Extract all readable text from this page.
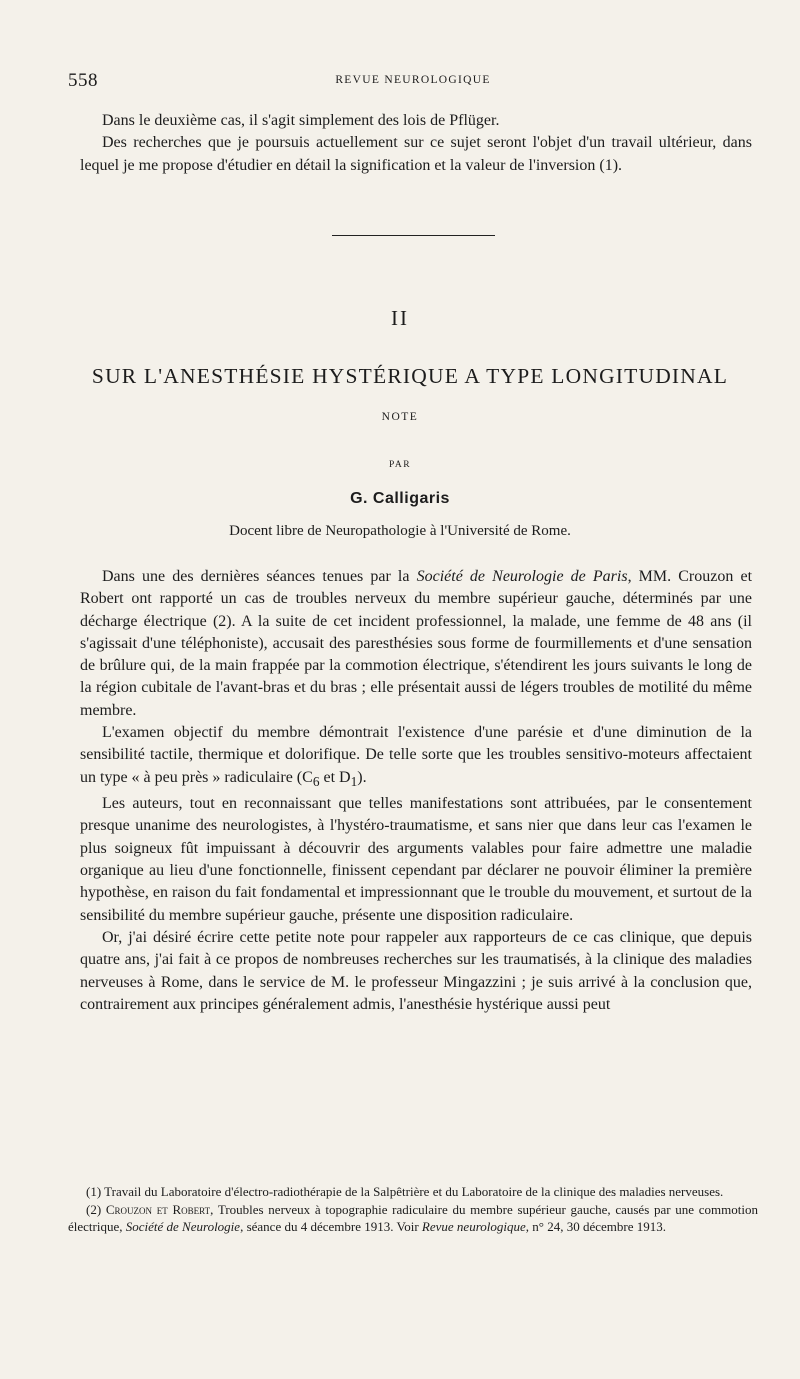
558	REVUE NEUROLOGIQUE

Dans le deuxième cas, il s'agit simplement des lois de Pflüger.

Des recherches que je poursuis actuellement sur ce sujet seront l'objet d'un travail ultérieur, dans lequel je me propose d'étudier en détail la signification et la valeur de l'inversion (1).

II
SUR L'ANESTHÉSIE HYSTÉRIQUE A TYPE LONGITUDINAL
NOTE
PAR
G. Calligaris
Docent libre de Neuropathologie à l'Université de Rome.

Dans une des dernières séances tenues par la Société de Neurologie de Paris, MM. Crouzon et Robert ont rapporté un cas de troubles nerveux du membre supérieur gauche, déterminés par une décharge électrique (2). A la suite de cet incident professionnel, la malade, une femme de 48 ans (il s'agissait d'une téléphoniste), accusait des paresthésies sous forme de fourmillements et d'une sensation de brûlure qui, de la main frappée par la commotion électrique, s'étendirent les jours suivants le long de la région cubitale de l'avant-bras et du bras ; elle présentait aussi de légers troubles de motilité du même membre.

L'examen objectif du membre démontrait l'existence d'une parésie et d'une diminution de la sensibilité tactile, thermique et dolorifique. De telle sorte que les troubles sensitivo-moteurs affectaient un type « à peu près » radiculaire ($C_6$ et $D_1$).

Les auteurs, tout en reconnaissant que telles manifestations sont attribuées, par le consentement presque unanime des neurologistes, à l'hystéro-traumatisme, et sans nier que dans leur cas l'examen le plus soigneux fût impuissant à découvrir des arguments valables pour faire admettre une maladie organique au lieu d'une fonctionnelle, finissent cependant par déclarer ne pouvoir éliminer la première hypothèse, en raison du fait fondamental et impressionnant que le trouble du mouvement, et surtout de la sensibilité du membre supérieur gauche, présente une disposition radiculaire.

Or, j'ai désiré écrire cette petite note pour rappeler aux rapporteurs de ce cas clinique, que depuis quatre ans, j'ai fait à ce propos de nombreuses recherches sur les traumatisés, à la clinique des maladies nerveuses à Rome, dans le service de M. le professeur Mingazzini ; je suis arrivé à la conclusion que, contrairement aux principes généralement admis, l'anesthésie hystérique aussi peut

(1) Travail du Laboratoire d'électro-radiothérapie de la Salpêtrière et du Laboratoire de la clinique des maladies nerveuses.

(2) Crouzon et Robert, Troubles nerveux à topographie radiculaire du membre supérieur gauche, causés par une commotion électrique, Société de Neurologie, séance du 4 décembre 1913. Voir Revue neurologique, n° 24, 30 décembre 1913.
